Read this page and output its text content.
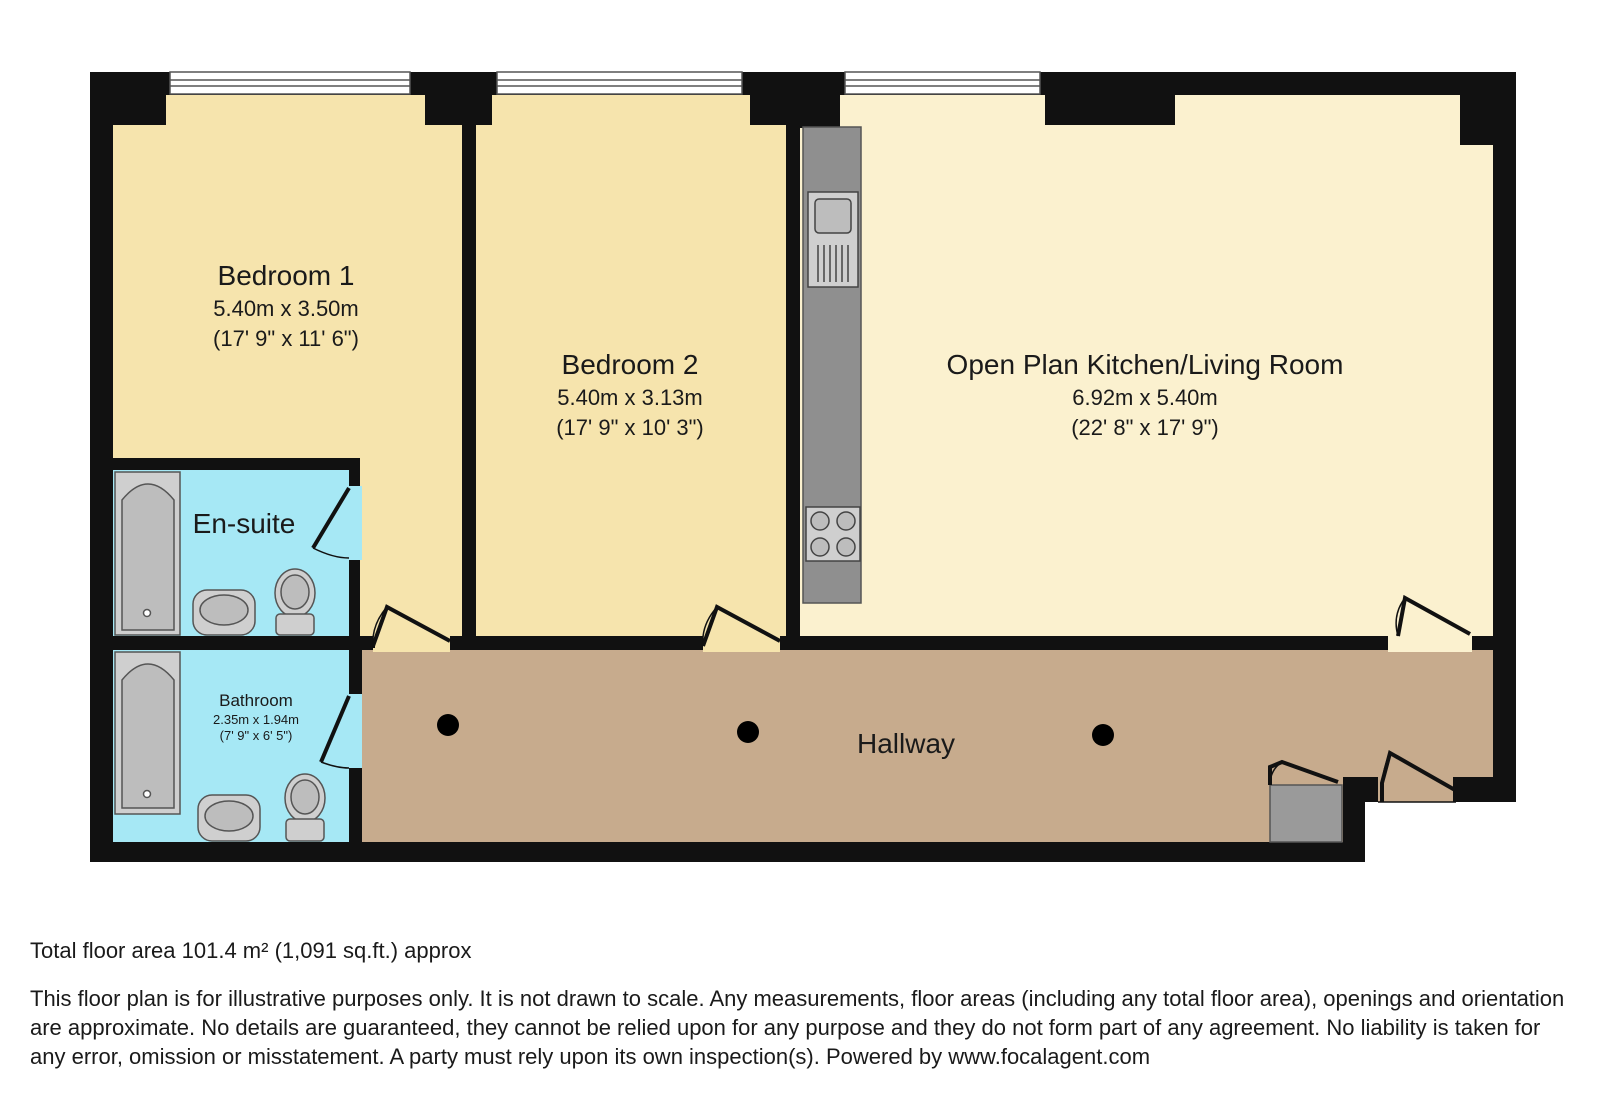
Bedroom 1
5.40m x 3.50m
(17' 9" x 11' 6")
Bedroom 2
5.40m x 3.13m
(17' 9" x 10' 3")
Open Plan Kitchen/Living Room
6.92m x 5.40m
(22' 8" x 17' 9")
En-suite
Bathroom
2.35m x 1.94m
(7' 9" x 6' 5")	Hallway

Total floor area 101.4 m² (1,091 sq.ft.) approx

This floor plan is for illustrative purposes only. It is not drawn to scale. Any measurements, floor areas (including any total floor area), openings and orientation are approximate. No details are guaranteed, they cannot be relied upon for any purpose and they do not form part of any agreement. No liability is taken for any error, omission or misstatement. A party must rely upon its own inspection(s). Powered by www.focalagent.com
